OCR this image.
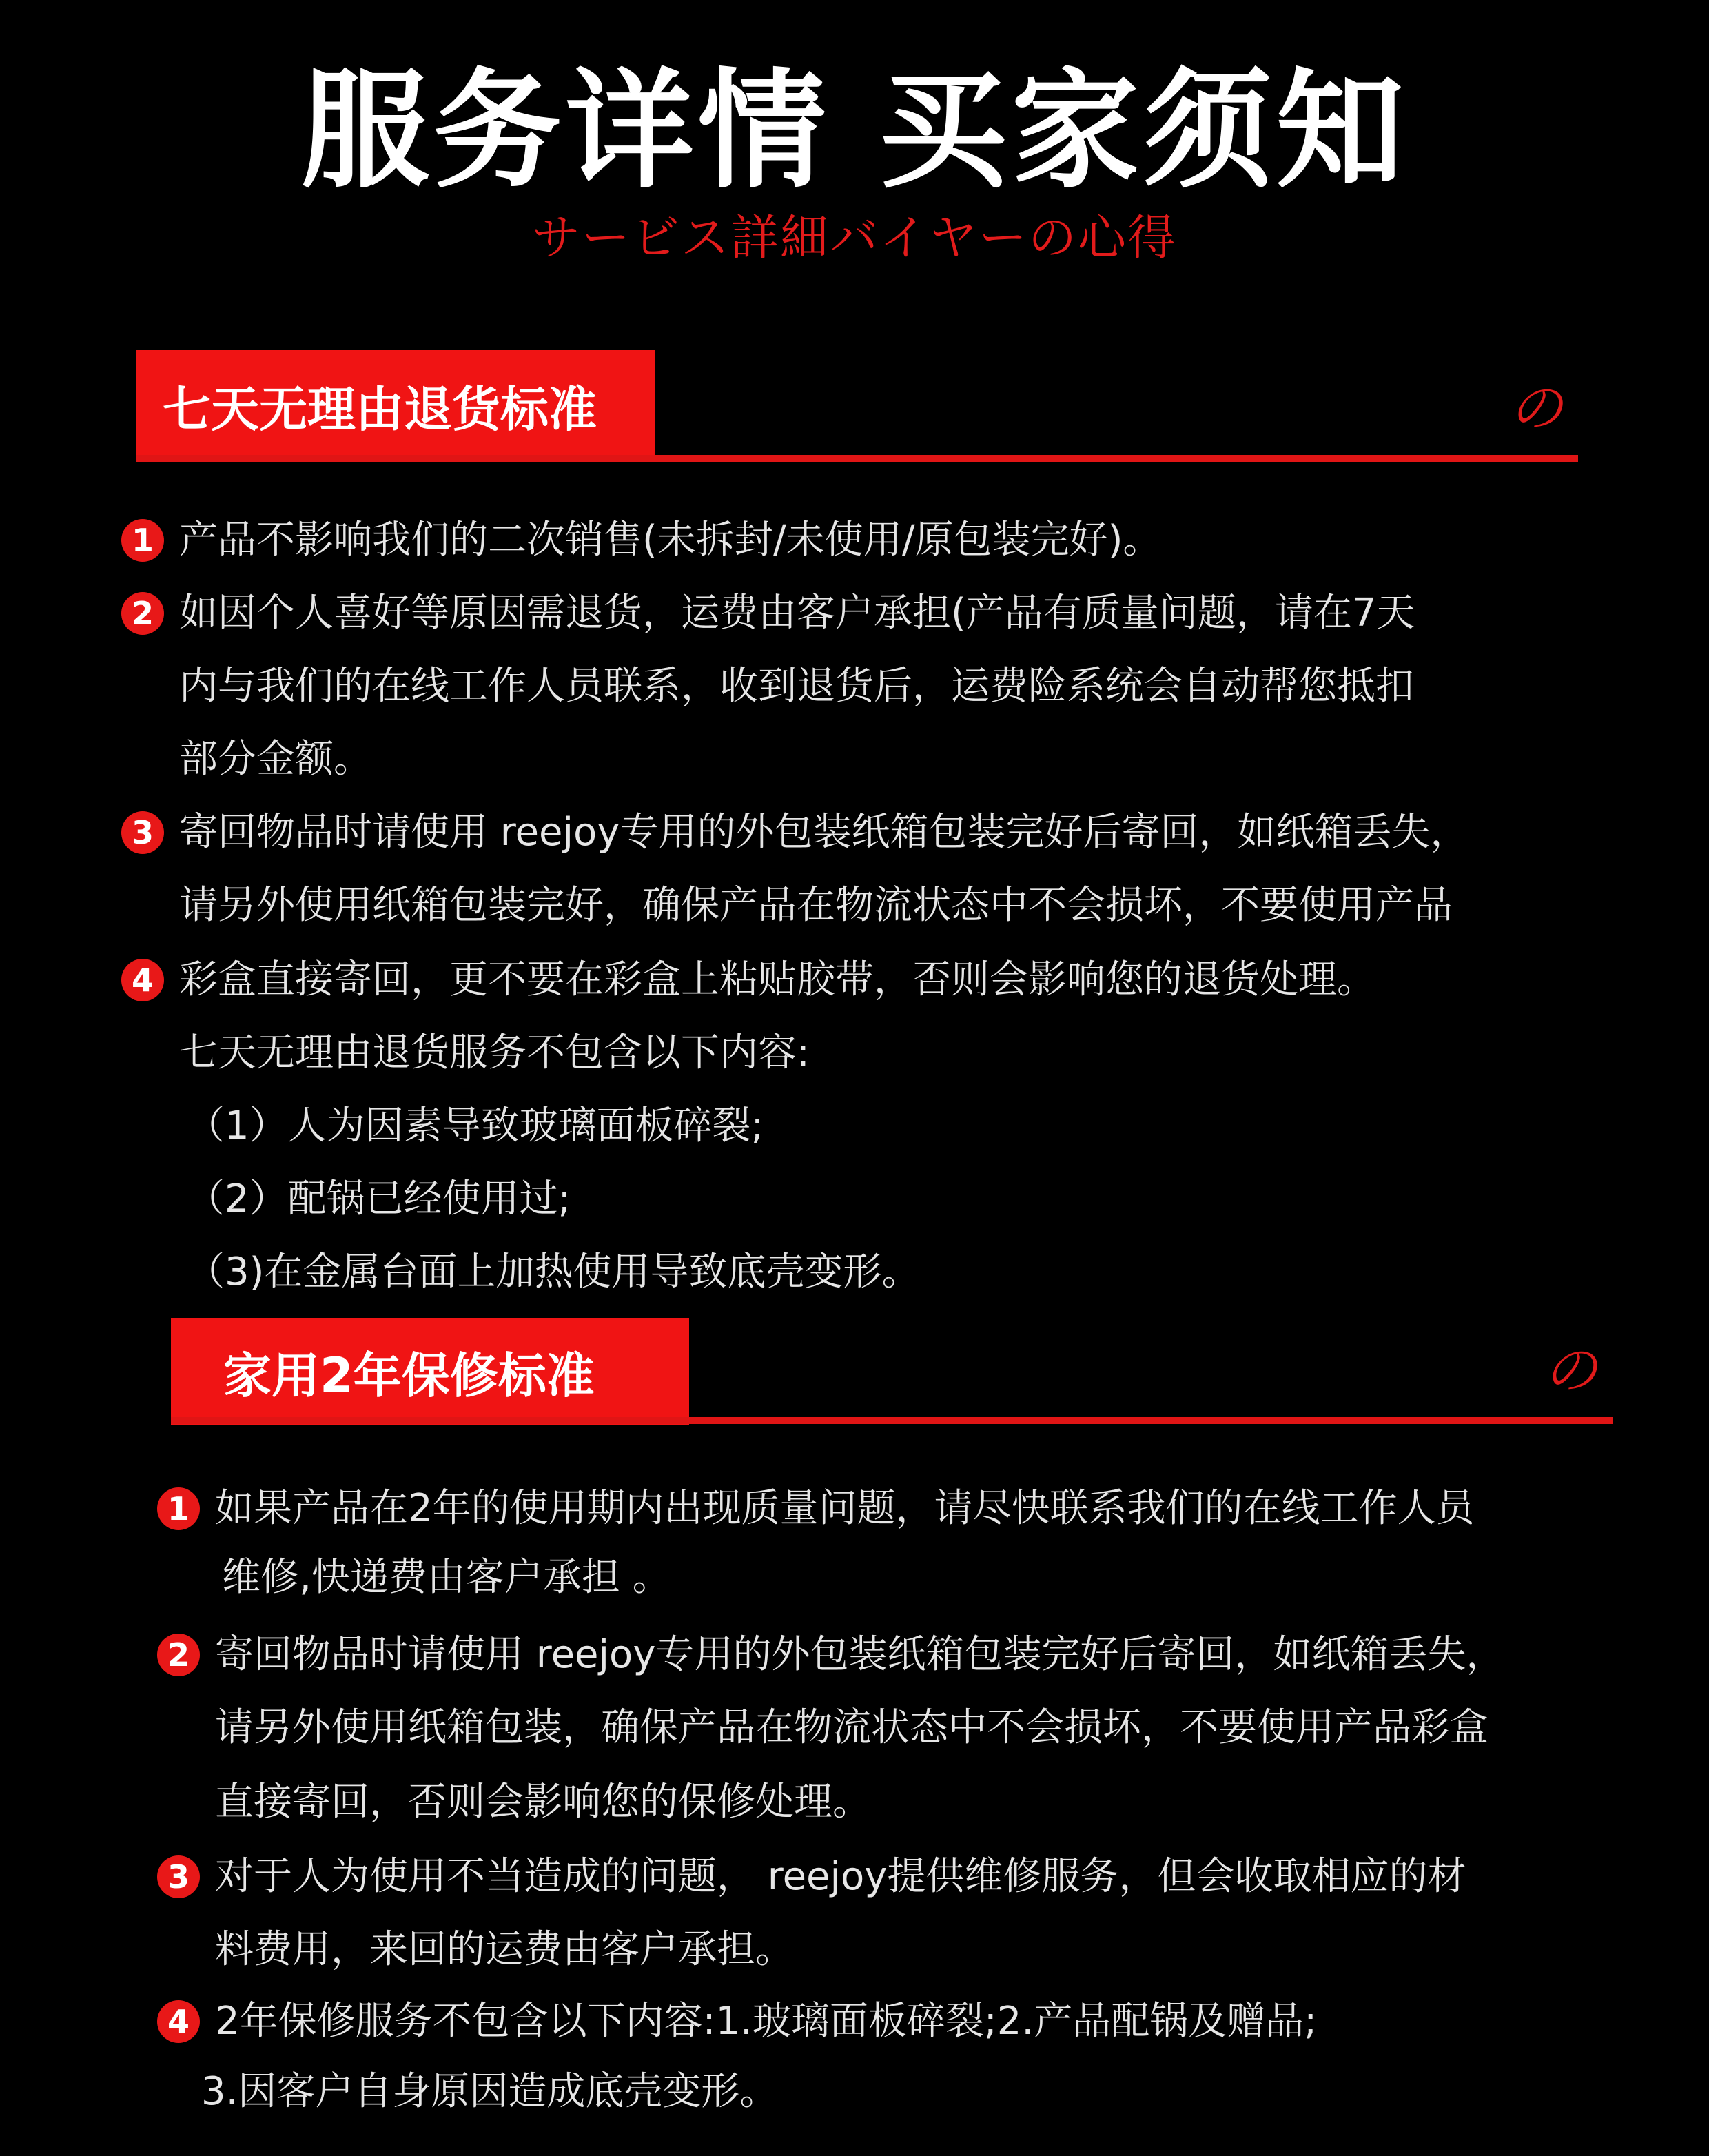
服务详情 买家须知
サービス詳細バイヤーの心得
七天无理由退货标准	の
1
2
3
4
产品不影响我们的二次销售(未拆封/未使用/原包装完好)。
如因个人喜好等原因需退货，运费由客户承担(产品有质量问题，请在7天
内与我们的在线工作人员联系，收到退货后，运费险系统会自动帮您抵扣
部分金额。
寄回物品时请使用 reejoy专用的外包装纸箱包装完好后寄回，如纸箱丢失，
请另外使用纸箱包装完好，确保产品在物流状态中不会损坏，不要使用产品
彩盒直接寄回，更不要在彩盒上粘贴胶带，否则会影响您的退货处理。
七天无理由退货服务不包含以下内容:
（1）人为因素导致玻璃面板碎裂;
（2）配锅已经使用过;
（3)在金属台面上加热使用导致底壳变形。
家用2年保修标准	の
1
2
3
4
如果产品在2年的使用期内出现质量问题，请尽快联系我们的在线工作人员
维修,快递费由客户承担 。
寄回物品时请使用 reejoy专用的外包装纸箱包装完好后寄回，如纸箱丢失，
请另外使用纸箱包装，确保产品在物流状态中不会损坏，不要使用产品彩盒
直接寄回，否则会影响您的保修处理。
对于人为使用不当造成的问题， reejoy提供维修服务，但会收取相应的材
料费用，来回的运费由客户承担。
2年保修服务不包含以下内容:1.玻璃面板碎裂;2.产品配锅及赠品;
3.因客户自身原因造成底壳变形。
